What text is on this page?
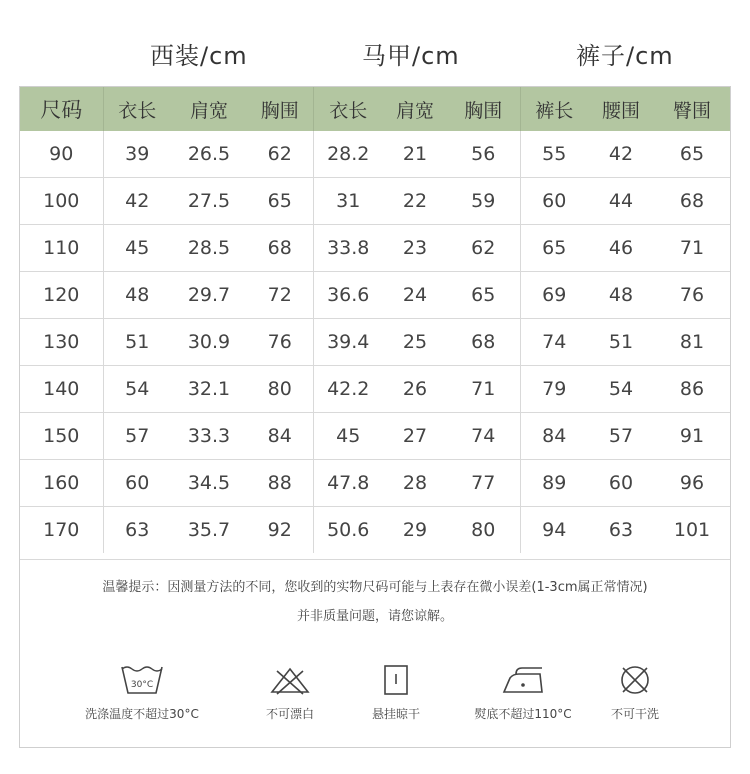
西装/cm	马甲/cm	裤子/cm
尺码	衣长	肩宽	胸围	衣长	肩宽	胸围	裤长	腰围	臀围
90	39	26.5	62	28.2	21	56	55	42	65
100	42	27.5	65	31	22	59	60	44	68
110	45	28.5	68	33.8	23	62	65	46	71
120	48	29.7	72	36.6	24	65	69	48	76
130	51	30.9	76	39.4	25	68	74	51	81
140	54	32.1	80	42.2	26	71	79	54	86
150	57	33.3	84	45	27	74	84	57	91
160	60	34.5	88	47.8	28	77	89	60	96
170	63	35.7	92	50.6	29	80	94	63	101
温馨提示：因测量方法的不同，您收到的实物尺码可能与上表存在微小误差(1-3cm属正常情况)
并非质量问题，请您谅解。
30°C
洗涤温度不超过30°C	不可漂白	悬挂晾干	熨底不超过110°C	不可干洗
